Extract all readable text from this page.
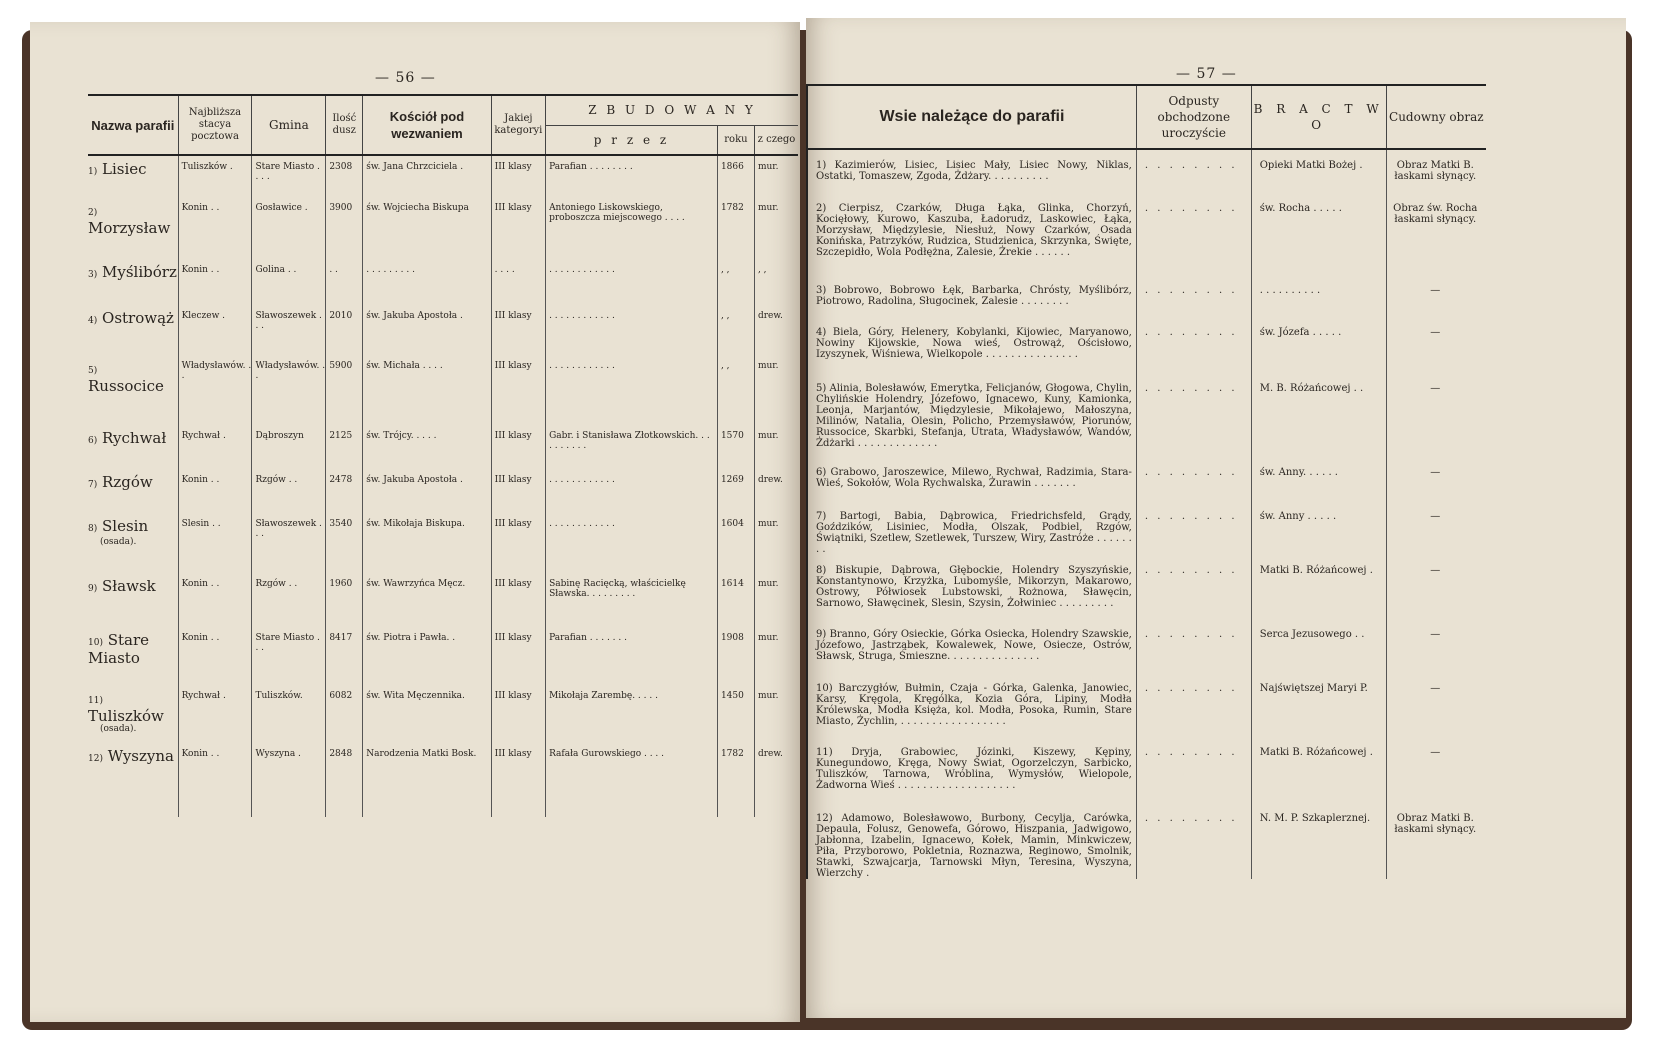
— 56 —
Nazwa parafii	Najbliższa stacya pocztowa	Gmina	Ilość dusz	Kościół pod wezwaniem	Jakiej kategoryi	Z B U D O W A N Y		
						p r z e z	roku	z czego
1) Lisiec	Tuliszków .	Stare Miasto . . . .	2308	św. Jana Chrzciciela .	III klasy	Parafian . . . . . . . .	1866	mur.
2) Morzysław	Konin . .	Gosławice .	3900	św. Wojciecha Biskupa	III klasy	Antoniego Liskowskiego, proboszcza miejscowego . . . .	1782	mur.
3) Myślibórz	Konin . .	Golina . .	. .	. . . . . . . . .	. . . .	. . . . . . . . . . . .	, ,	, ,
4) Ostrowąż	Kleczew .	Sławoszewek . . .	2010	św. Jakuba Apostoła .	III klasy	. . . . . . . . . . . .	, ,	drew.
5) Russocice	Władysławów. . .	Władysławów. . .	5900	św. Michała . . . .	III klasy	. . . . . . . . . . . .	, ,	mur.
6) Rychwał	Rychwał .	Dąbroszyn	2125	św. Trójcy. . . . .	III klasy	Gabr. i Stanisława Złotkowskich. . . . . . . . . .	1570	mur.
7) Rzgów	Konin . .	Rzgów . .	2478	św. Jakuba Apostoła .	III klasy	. . . . . . . . . . . .	1269	drew.
8) Slesin
(osada).	Slesin . .	Sławoszewek . . .	3540	św. Mikołaja Biskupa.	III klasy	. . . . . . . . . . . .	1604	mur.
9) Sławsk	Konin . .	Rzgów . .	1960	św. Wawrzyńca Męcz.	III klasy	Sabinę Racięcką, właścicielkę Sławska. . . . . . . . .	1614	mur.
10) Stare Miasto	Konin . .	Stare Miasto . . .	8417	św. Piotra i Pawła. .	III klasy	Parafian . . . . . . .	1908	mur.
11) Tuliszków
(osada).	Rychwał .	Tuliszków.	6082	św. Wita Męczennika.	III klasy	Mikołaja Zarembę. . . . .	1450	mur.
12) Wyszyna	Konin . .	Wyszyna .	2848	Narodzenia Matki Bosk.	III klasy	Rafała Gurowskiego . . . .	1782	drew.
— 57 —
Wsie należące do parafii	Odpusty obchodzone uroczyście	B R A C T W O	Cudowny obraz
1) Kazimierów, Lisiec, Lisiec Mały, Lisiec Nowy, Niklas, Ostatki, Tomaszew, Zgoda, Żdżary. . . . . . . . . .	. . . . . . . .	Opieki Matki Bożej .	Obraz Matki B. łaskami słynący.
2) Cierpisz, Czarków, Długa Łąka, Glinka, Chorzyń, Kocięłowy, Kurowo, Kaszuba, Ładorudz, Laskowiec, Łąka, Morzysław, Międzylesie, Niesłuż, Nowy Czarków, Osada Konińska, Patrzyków, Rudzica, Studzienica, Skrzynka, Święte, Szczepidło, Wola Podłężna, Zalesie, Żrekie . . . . . .	. . . . . . . .	św. Rocha . . . . .	Obraz św. Rocha łaskami słynący.
3) Bobrowo, Bobrowo Łęk, Barbarka, Chrósty, Myślibórz, Piotrowo, Radolina, Sługocinek, Zalesie . . . . . . . .	. . . . . . . .	. . . . . . . . . .	—
4) Biela, Góry, Helenery, Kobylanki, Kijowiec, Maryanowo, Nowiny Kijowskie, Nowa wieś, Ostrowąż, Ościsłowo, Izyszynek, Wiśniewa, Wielkopole . . . . . . . . . . . . . . .	. . . . . . . .	św. Józefa . . . . .	—
5) Alinia, Bolesławów, Emerytka, Felicjanów, Głogowa, Chylin, Chylińskie Holendry, Józefowo, Ignacewo, Kuny, Kamionka, Leonja, Marjantów, Międzylesie, Mikołajewo, Małoszyna, Milinów, Natalia, Olesin, Policho, Przemysławów, Piorunów, Russocice, Skarbki, Stefanja, Utrata, Władysławów, Wandów, Żdżarki . . . . . . . . . . . . .	. . . . . . . .	M. B. Różańcowej . .	—
6) Grabowo, Jaroszewice, Milewo, Rychwał, Radzimia, Stara-Wieś, Sokołów, Wola Rychwalska, Żurawin . . . . . . .	. . . . . . . .	św. Anny. . . . . .	—
7) Bartogi, Babia, Dąbrowica, Friedrichsfeld, Grądy, Goździków, Lisiniec, Modła, Olszak, Podbiel, Rzgów, Świątniki, Szetlew, Szetlewek, Turszew, Wiry, Zastróże . . . . . . . .	. . . . . . . .	św. Anny . . . . .	—
8) Biskupie, Dąbrowa, Głębockie, Holendry Szyszyńskie, Konstantynowo, Krzyżka, Lubomyśle, Mikorzyn, Makarowo, Ostrowy, Półwiosek Lubstowski, Rożnowa, Sławęcin, Sarnowo, Sławęcinek, Slesin, Szysin, Żołwiniec . . . . . . . . .	. . . . . . . .	Matki B. Różańcowej .	—
9) Branno, Góry Osieckie, Górka Osiecka, Holendry Szawskie, Józefowo, Jastrząbek, Kowalewek, Nowe, Osiecze, Ostrów, Sławsk, Struga, Śmieszne. . . . . . . . . . . . . . .	. . . . . . . .	Serca Jezusowego . .	—
10) Barczygłów, Bułmin, Czaja - Górka, Galenka, Janowiec, Karsy, Kręgola, Kręgólka, Kozia Góra, Lipiny, Modła Królewska, Modła Księża, kol. Modła, Posoka, Rumin, Stare Miasto, Żychlin, . . . . . . . . . . . . . . . . .	. . . . . . . .	Najświętszej Maryi P.	—
11) Dryja, Grabowiec, Józinki, Kiszewy, Kępiny, Kunegundowo, Kręga, Nowy Świat, Ogorzelczyn, Sarbicko, Tuliszków, Tarnowa, Wróblina, Wymysłów, Wielopole, Żadworna Wieś . . . . . . . . . . . . . . . . . . .	. . . . . . . .	Matki B. Różańcowej .	—
12) Adamowo, Bolesławowo, Burbony, Cecylja, Carówka, Depaula, Folusz, Genowefa, Górowo, Hiszpania, Jadwigowo, Jabłonna, Izabelin, Ignacewo, Kołek, Mamin, Minkwiczew, Piła, Przyborowo, Pokletnia, Roznazwa, Reginowo, Smolnik, Stawki, Szwajcarja, Tarnowski Młyn, Teresina, Wyszyna, Wierzchy .	. . . . . . . .	N. M. P. Szkaplerznej.	Obraz Matki B. łaskami słynący.
